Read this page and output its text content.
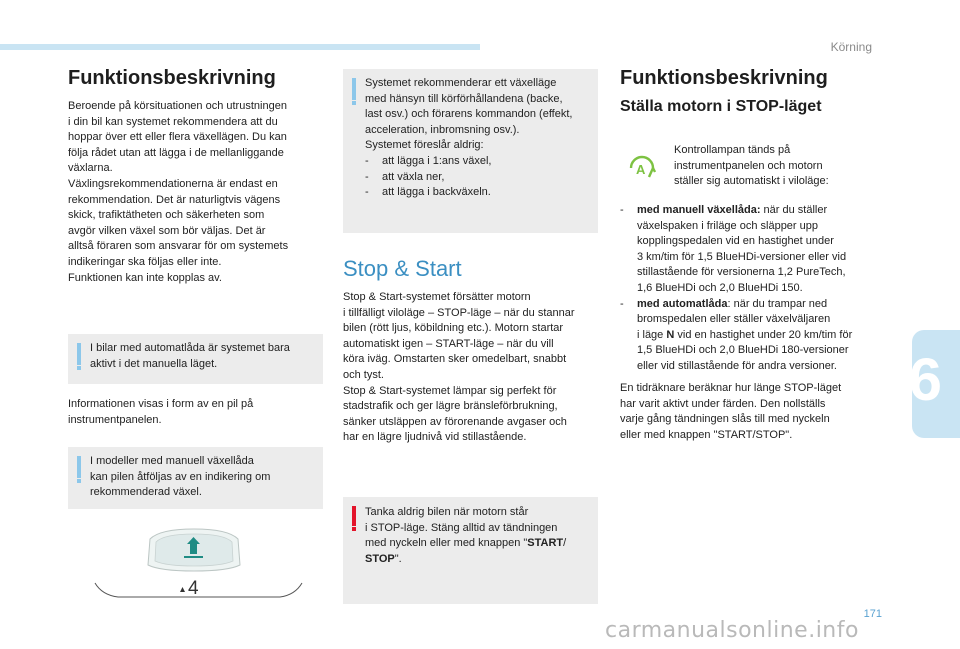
Körning
Funktionsbeskrivning
Beroende på körsituationen och utrustningen
i din bil kan systemet rekommendera att du
hoppar över ett eller flera växellägen. Du kan
följa rådet utan att lägga i de mellanliggande
växlarna.
Växlingsrekommendationerna är endast en
rekommendation. Det är naturligtvis vägens
skick, trafiktätheten och säkerheten som
avgör vilken växel som bör väljas. Det är
alltså föraren som ansvarar för om systemets
indikeringar ska följas eller inte.
Funktionen kan inte kopplas av.
I bilar med automatlåda är systemet bara
aktivt i det manuella läget.
Informationen visas i form av en pil på
instrumentpanelen.
I modeller med manuell växellåda
kan pilen åtföljas av en indikering om
rekommenderad växel.
4
Systemet rekommenderar ett växelläge
med hänsyn till körförhållandena (backe,
last osv.) och förarens kommandon (effekt,
acceleration, inbromsning osv.).
Systemet föreslår aldrig:
- att lägga i 1:ans växel,
- att växla ner,
- att lägga i backväxeln.
Stop & Start
Stop & Start-systemet försätter motorn
i tillfälligt viloläge – STOP-läge – när du stannar
bilen (rött ljus, köbildning etc.). Motorn startar
automatiskt igen – START-läge – när du vill
köra iväg. Omstarten sker omedelbart, snabbt
och tyst.
Stop & Start-systemet lämpar sig perfekt för
stadstrafik och ger lägre bränsleförbrukning,
sänker utsläppen av förorenande avgaser och
har en lägre ljudnivå vid stillastående.
Tanka aldrig bilen när motorn står
i STOP-läge. Stäng alltid av tändningen
med nyckeln eller med knappen "START/
STOP".
Funktionsbeskrivning
Ställa motorn i STOP-läget
A
Kontrollampan tänds på
instrumentpanelen och motorn
ställer sig automatiskt i viloläge:
- med manuell växellåda: när du ställer
växelspaken i friläge och släpper upp
kopplingspedalen vid en hastighet under
3 km/tim för 1,5 BlueHDi-versioner eller vid
stillastående för versionerna 1,2 PureTech,
1,6 BlueHDi och 2,0 BlueHDi 150.
- med automatlåda: när du trampar ned
bromspedalen eller ställer växelväljaren
i läge N vid en hastighet under 20 km/tim för
1,5 BlueHDi och 2,0 BlueHDi 180-versioner
eller vid stillastående för andra versioner.
En tidräknare beräknar hur länge STOP-läget
har varit aktivt under färden. Den nollställs
varje gång tändningen slås till med nyckeln
eller med knappen "START/STOP".
6
171
carmanualsonline.info
